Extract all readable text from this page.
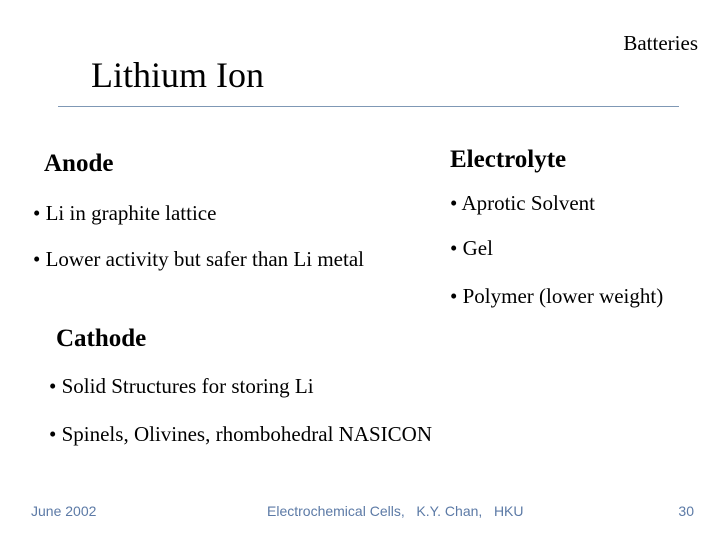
Batteries
Lithium Ion
Anode
• Li in graphite lattice
• Lower activity but safer than Li metal
Electrolyte
• Aprotic Solvent
• Gel
• Polymer (lower weight)
Cathode
• Solid Structures for storing Li
• Spinels, Olivines, rhombohedral NASICON
June 2002	Electrochemical Cells,   K.Y. Chan,   HKU	30
